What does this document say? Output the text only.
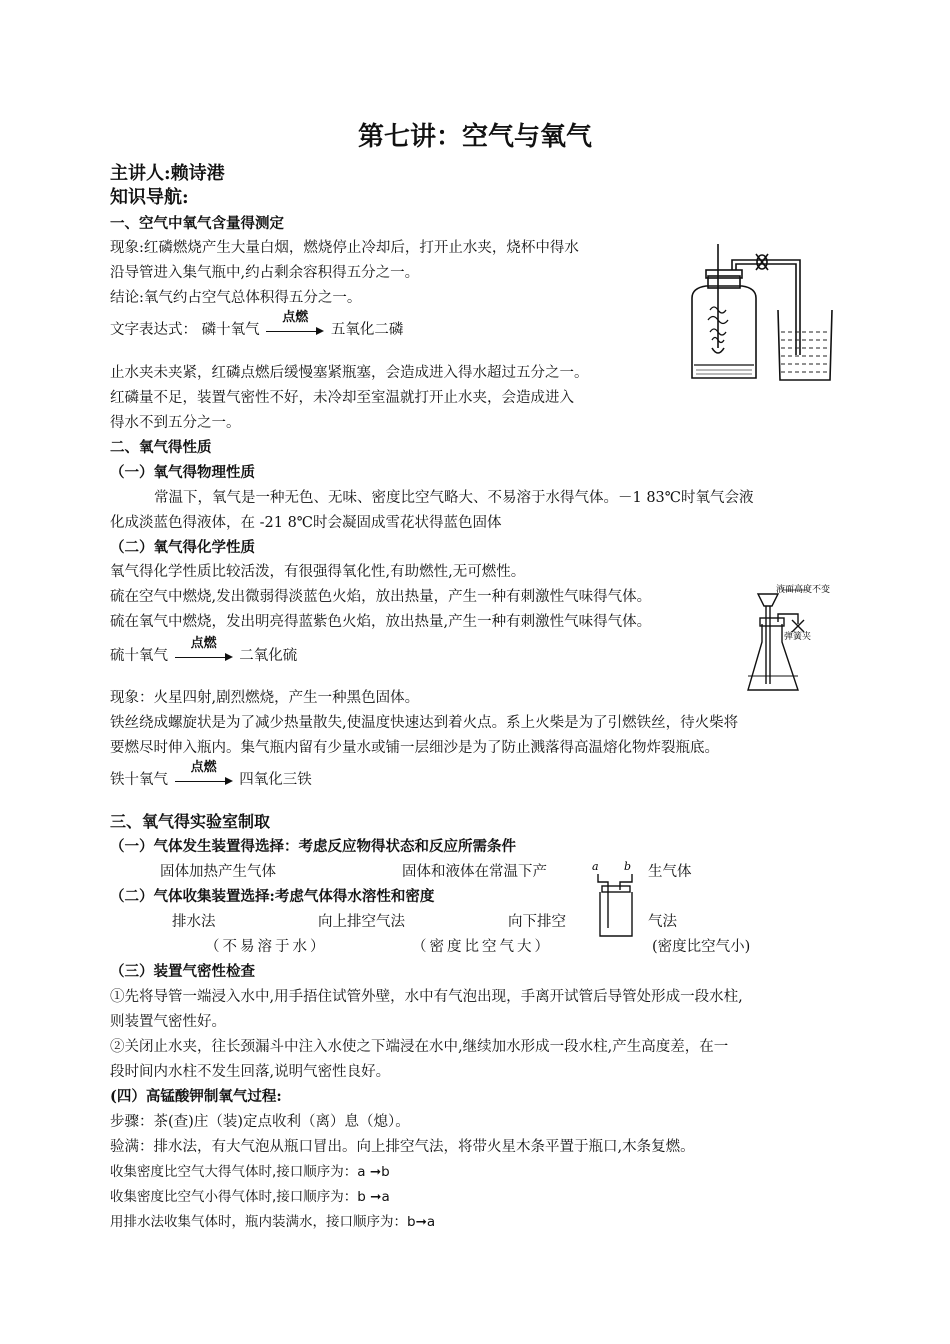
第七讲：空气与氧气
主讲人:赖诗港
知识导航:
一、空气中氧气含量得测定
现象:红磷燃烧产生大量白烟，燃烧停止冷却后，打开止水夹，烧杯中得水
沿导管进入集气瓶中,约占剩余容积得五分之一。
结论:氧气约占空气总体积得五分之一。
文字表达式： 磷十氧气
点燃
五氧化二磷
止水夹未夹紧，红磷点燃后缓慢塞紧瓶塞，会造成进入得水超过五分之一。
红磷量不足，装置气密性不好，未冷却至室温就打开止水夹，会造成进入
得水不到五分之一。
二、氧气得性质
（一）氧气得物理性质
常温下，氧气是一种无色、无味、密度比空气略大、不易溶于水得气体。－1 83℃时氧气会液
化成淡蓝色得液体，在 -21 8℃时会凝固成雪花状得蓝色固体
（二）氧气得化学性质
氧气得化学性质比较活泼，有很强得氧化性,有助燃性,无可燃性。
硫在空气中燃烧,发出微弱得淡蓝色火焰，放出热量，产生一种有刺激性气味得气体。
硫在氧气中燃烧，发出明亮得蓝紫色火焰，放出热量,产生一种有刺激性气味得气体。
硫十氧气
点燃
二氧化硫
液面高度不变
弹簧夹
现象：火星四射,剧烈燃烧，产生一种黑色固体。
铁丝绕成螺旋状是为了减少热量散失,使温度快速达到着火点。系上火柴是为了引燃铁丝，待火柴将
要燃尽时伸入瓶内。集气瓶内留有少量水或铺一层细沙是为了防止溅落得高温熔化物炸裂瓶底。
铁十氧气
点燃
四氧化三铁
三、氧气得实验室制取
（一）气体发生装置得选择：考虑反应物得状态和反应所需条件
固体加热产生气体	固体和液体在常温下产	生气体
a b
（二）气体收集装置选择:考虑气体得水溶性和密度
排水法	向上排空气法	向下排空	气法
（不易溶于水）	（密度比空气大）	(密度比空气小)
（三）装置气密性检查
①先将导管一端浸入水中,用手捂住试管外壁，水中有气泡出现，手离开试管后导管处形成一段水柱,
则装置气密性好。
②关闭止水夹，往长颈漏斗中注入水使之下端浸在水中,继续加水形成一段水柱,产生高度差，在一
段时间内水柱不发生回落,说明气密性良好。
(四）高锰酸钾制氧气过程:
步骤：茶(查)庄（装)定点收利（离）息（熄）。
验满：排水法，有大气泡从瓶口冒出。向上排空气法，将带火星木条平置于瓶口,木条复燃。
收集密度比空气大得气体时,接口顺序为：a ➞b
收集密度比空气小得气体时,接口顺序为：b ➞a
用排水法收集气体时，瓶内装满水，接口顺序为：b➞a
